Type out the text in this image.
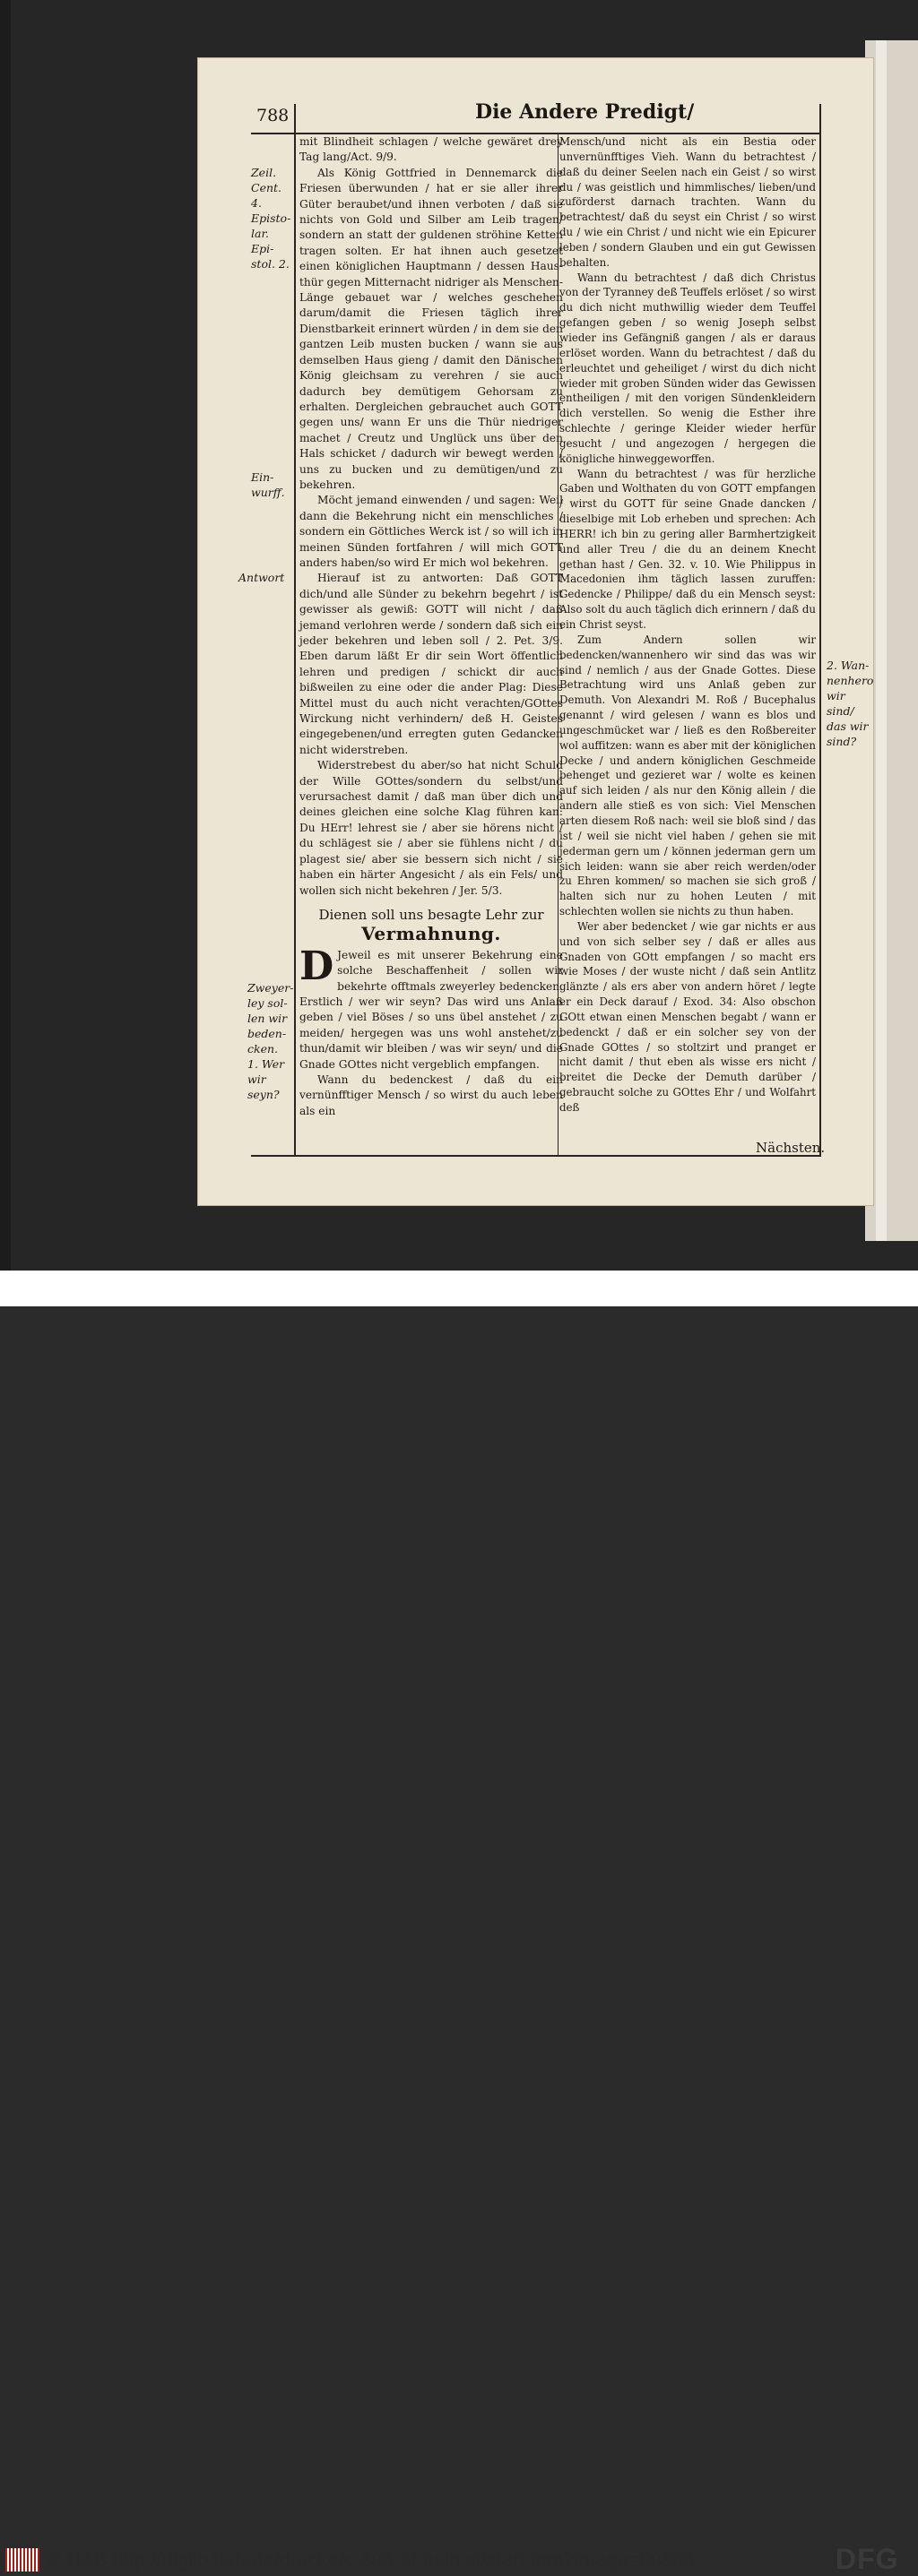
788	Die Andere Predigt/
Zeil. Cent. 4. Episto- lar. Epi- stol. 2.
Ein- wurff.
Antwort
Zweyer- ley sol- len wir beden- cken. 1. Wer wir seyn?
2. Wan- nenhero wir sind/ das wir sind?

mit Blindheit schlagen / welche gewäret drey Tag lang/Act. 9/9.

Als König Gottfried in Dennemarck die Friesen überwunden / hat er sie aller ihrer Güter beraubet/und ihnen verboten / daß sie nichts von Gold und Silber am Leib tragen/ sondern an statt der guldenen ströhine Ketten tragen solten. Er hat ihnen auch gesetzet einen königlichen Hauptmann / dessen Haus-thür gegen Mitternacht nidriger als Menschen-Länge gebauet war / welches geschehen darum/damit die Friesen täglich ihrer Dienstbarkeit erinnert würden / in dem sie den gantzen Leib musten bucken / wann sie aus demselben Haus gieng / damit den Dänischen König gleichsam zu verehren / sie auch dadurch bey demütigem Gehorsam zu erhalten. Dergleichen gebrauchet auch GOTT gegen uns/ wann Er uns die Thür niedriger machet / Creutz und Unglück uns über den Hals schicket / dadurch wir bewegt werden / uns zu bucken und zu demütigen/und zu bekehren.

Möcht jemand einwenden / und sagen: Weil dann die Bekehrung nicht ein menschliches / sondern ein Göttliches Werck ist / so will ich in meinen Sünden fortfahren / will mich GOTT anders haben/so wird Er mich wol bekehren.

Hierauf ist zu antworten: Daß GOTT dich/und alle Sünder zu bekehrn begehrt / ist gewisser als gewiß: GOTT will nicht / daß jemand verlohren werde / sondern daß sich ein jeder bekehren und leben soll / 2. Pet. 3/9. Eben darum läßt Er dir sein Wort öffentlich lehren und predigen / schickt dir auch bißweilen zu eine oder die ander Plag: Diese Mittel must du auch nicht verachten/GOttes Wirckung nicht verhindern/ deß H. Geistes eingegebenen/und erregten guten Gedancken nicht widerstreben.

Widerstrebest du aber/so hat nicht Schuld der Wille GOttes/sondern du selbst/und verursachest damit / daß man über dich und deines gleichen eine solche Klag führen kan: Du HErr! lehrest sie / aber sie hörens nicht / du schlägest sie / aber sie fühlens nicht / du plagest sie/ aber sie bessern sich nicht / sie haben ein härter Angesicht / als ein Fels/ und wollen sich nicht bekehren / Jer. 5/3.

Dienen soll uns besagte Lehr zur
Vermahnung.

D Jeweil es mit unserer Bekehrung eine solche Beschaffenheit / sollen wir bekehrte offtmals zweyerley bedencken. Erstlich / wer wir seyn? Das wird uns Anlaß geben / viel Böses / so uns übel anstehet / zu meiden/ hergegen was uns wohl anstehet/zu thun/damit wir bleiben / was wir seyn/ und die Gnade GOttes nicht vergeblich empfangen.

Wann du bedenckest / daß du ein vernünfftiger Mensch / so wirst du auch leben als ein

Mensch/und nicht als ein Bestia oder unvernünfftiges Vieh. Wann du betrachtest / daß du deiner Seelen nach ein Geist / so wirst du / was geistlich und himmlisches/ lieben/und zuförderst darnach trachten. Wann du betrachtest/ daß du seyst ein Christ / so wirst du / wie ein Christ / und nicht wie ein Epicurer leben / sondern Glauben und ein gut Gewissen behalten.

Wann du betrachtest / daß dich Christus von der Tyranney deß Teuffels erlöset / so wirst du dich nicht muthwillig wieder dem Teuffel gefangen geben / so wenig Joseph selbst wieder ins Gefängniß gangen / als er daraus erlöset worden. Wann du betrachtest / daß du erleuchtet und geheiliget / wirst du dich nicht wieder mit groben Sünden wider das Gewissen entheiligen / mit den vorigen Sündenkleidern dich verstellen. So wenig die Esther ihre schlechte / geringe Kleider wieder herfür gesucht / und angezogen / hergegen die königliche hinweggeworffen.

Wann du betrachtest / was für herzliche Gaben und Wolthaten du von GOTT empfangen / wirst du GOTT für seine Gnade dancken / dieselbige mit Lob erheben und sprechen: Ach HERR! ich bin zu gering aller Barmhertzigkeit und aller Treu / die du an deinem Knecht gethan hast / Gen. 32. v. 10. Wie Philippus in Macedonien ihm täglich lassen zuruffen: Gedencke / Philippe/ daß du ein Mensch seyst: Also solt du auch täglich dich erinnern / daß du ein Christ seyst.

Zum Andern sollen wir bedencken/wannenhero wir sind das was wir sind / nemlich / aus der Gnade Gottes. Diese Betrachtung wird uns Anlaß geben zur Demuth. Von Alexandri M. Roß / Bucephalus genannt / wird gelesen / wann es blos und ungeschmücket war / ließ es den Roßbereiter wol auffitzen: wann es aber mit der königlichen Decke / und andern königlichen Geschmeide behenget und gezieret war / wolte es keinen auf sich leiden / als nur den König allein / die andern alle stieß es von sich: Viel Menschen arten diesem Roß nach: weil sie bloß sind / das ist / weil sie nicht viel haben / gehen sie mit jederman gern um / können jederman gern um sich leiden: wann sie aber reich werden/oder zu Ehren kommen/ so machen sie sich groß / halten sich nur zu hohen Leuten / mit schlechten wollen sie nichts zu thun haben.

Wer aber bedencket / wie gar nichts er aus und von sich selber sey / daß er alles aus Gnaden von GOtt empfangen / so macht ers wie Moses / der wuste nicht / daß sein Antlitz glänzte / als ers aber von andern höret / legte er ein Deck darauf / Exod. 34: Also obschon GOtt etwan einen Menschen begabt / wann er bedenckt / daß er ein solcher sey von der Gnade GOttes / so stoltzirt und pranget er nicht damit / thut eben als wisse ers nicht / breitet die Decke der Demuth darüber / gebraucht solche zu GOttes Ehr / und Wolfahrt deß

Nächsten.
© HAB http://diglib.hab.de/drucke/c-303-2f-helmst/start.htm?image=00806	DFG
